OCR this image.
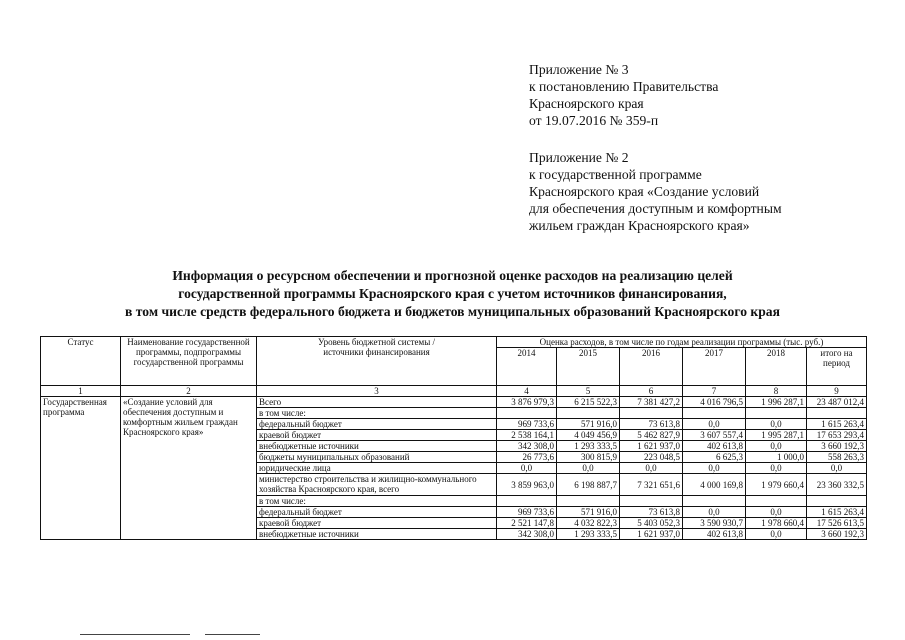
Приложение № 3
к постановлению Правительства
Красноярского края
от 19.07.2016 № 359-п
Приложение № 2
к государственной программе
Красноярского края «Создание условий
для обеспечения доступным и комфортным
жильем граждан Красноярского края»
Информация о ресурсном обеспечении и прогнозной оценке расходов на реализацию целей
государственной программы Красноярского края с учетом источников финансирования,
в том числе средств федерального бюджета и бюджетов муниципальных образований Красноярского края
Статус	Наименование государственной программы, подпрограммы государственной программы	Уровень бюджетной системы / источники финансирования	Оценка расходов, в том числе по годам реализации программы (тыс. руб.)					
			2014	2015	2016	2017	2018	итого на период
1	2	3	4	5	6	7	8	9
Государственная программа	«Создание условий для обеспечения доступным и комфортным жильем граждан Красноярского края»	Всего	3 876 979,3	6 215 522,3	7 381 427,2	4 016 796,5	1 996 287,1	23 487 012,4
		в том числе:						
		федеральный бюджет	969 733,6	571 916,0	73 613,8	0,0	0,0	1 615 263,4
		краевой бюджет	2 538 164,1	4 049 456,9	5 462 827,9	3 607 557,4	1 995 287,1	17 653 293,4
		внебюджетные источники	342 308,0	1 293 333,5	1 621 937,0	402 613,8	0,0	3 660 192,3
		бюджеты муниципальных образований	26 773,6	300 815,9	223 048,5	6 625,3	1 000,0	558 263,3
		юридические лица	0,0	0,0	0,0	0,0	0,0	0,0
		министерство строительства и жилищно-коммунального хозяйства Красноярского края, всего	3 859 963,0	6 198 887,7	7 321 651,6	4 000 169,8	1 979 660,4	23 360 332,5
		в том числе:						
		федеральный бюджет	969 733,6	571 916,0	73 613,8	0,0	0,0	1 615 263,4
		краевой бюджет	2 521 147,8	4 032 822,3	5 403 052,3	3 590 930,7	1 978 660,4	17 526 613,5
		внебюджетные источники	342 308,0	1 293 333,5	1 621 937,0	402 613,8	0,0	3 660 192,3
